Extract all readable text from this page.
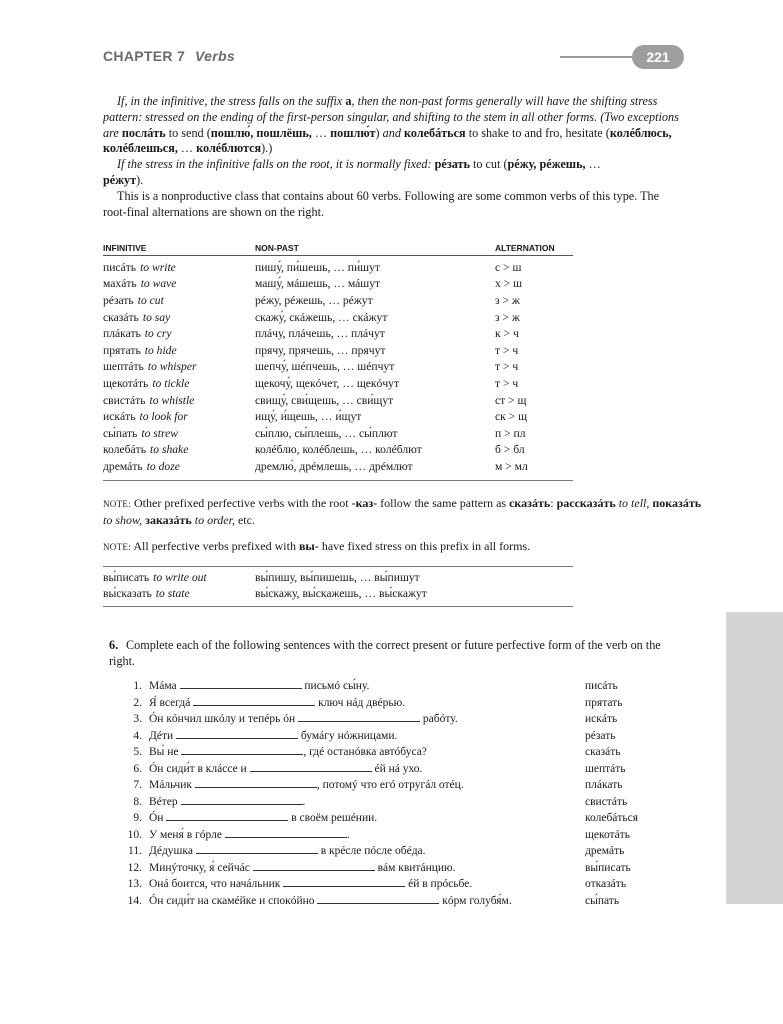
CHAPTER 7 Verbs	221

If, in the infinitive, the stress falls on the suffix а, then the non-past forms generally will have the shifting stress pattern: stressed on the ending of the first-person singular, and shifting to the stem in all other forms. (Two exceptions are послáть to send (пошлю́, пошлёшь, … пошлю́т) and колебáться to shake to and fro, hesitate (колéблюсь, колéблешься, … колéблются).)

If the stress in the infinitive falls on the root, it is normally fixed: рéзать to cut (рéжу, рéжешь, …
рéжут).

This is a nonproductive class that contains about 60 verbs. Following are some common verbs of this type. The root-final alternations are shown on the right.

INFINITIVE	NON-PAST	ALTERNATION
писáть to write	пишу́, пи́шешь, … пи́шут	с > ш
махáть to wave	машу́, мáшешь, … мáшут	х > ш
рéзать to cut	рéжу, рéжешь, … рéжут	з > ж
сказáть to say	скажу́, скáжешь, … скáжут	з > ж
плáкать to cry	плáчу, плáчешь, … плáчут	к > ч
прятать to hide	прячу, прячешь, … прячут	т > ч
шептáть to whisper	шепчу́, шéпчешь, … шéпчут	т > ч
щекотáть to tickle	щекочу́, щекóчет, … щекóчут	т > ч
свистáть to whistle	свищу́, сви́щешь, … сви́щут	ст > щ
искáть to look for	ищу́, и́щешь, … и́щут	ск > щ
сы́пать to strew	сы́плю, сы́плешь, … сы́плют	п > пл
колебáть to shake	колéблю, колéблешь, … колéблют	б > бл
дремáть to doze	дремлю́, дрéмлешь, … дрéмлют	м > мл
NOTE: Other prefixed perfective verbs with the root -каз- follow the same pattern as сказáть: рассказáть to tell, показáть to show, заказáть to order, etc.
NOTE: All perfective verbs prefixed with вы- have fixed stress on this prefix in all forms.
вы́писать to write out	вы́пишу, вы́пишешь, … вы́пишут
вы́сказать to state	вы́скажу, вы́скажешь, … вы́скажут
6. Complete each of the following sentences with the correct present or future perfective form of the verb on the right.
1. Мáма	письмó сы́ну.	писáть
2. Я́ всегдá	ключ нáд двéрью.	прятать
3. Óн кóнчил шкóлу и тепéрь óн	рабóту.	искáть
4. Дéти	бумáгу нóжницами.	рéзать
5. Вы́ не	, гдé останóвка автóбуса?	сказáть
6. Óн сиди́т в клáссе и	éй нá ухо.	шептáть
7. Мáльчик	, потомý что егó отругáл отéц.	плáкать
8. Вéтер	.	свистáть
9. Óн	в своём решéнии.	колебáться
10. У меня́ в гóрле	.	щекотáть
11. Дéдушка	в крéсле пóсле обéда.	дремáть
12. Минýточку, я́ сейчáс	вáм квитáнцию.	вы́писать
13. Онá боится, что начáльник	éй в прóсьбе.	отказáть
14. Óн сиди́т на скамéйке и спокóйно	кóрм голубя́м.	сы́пать
